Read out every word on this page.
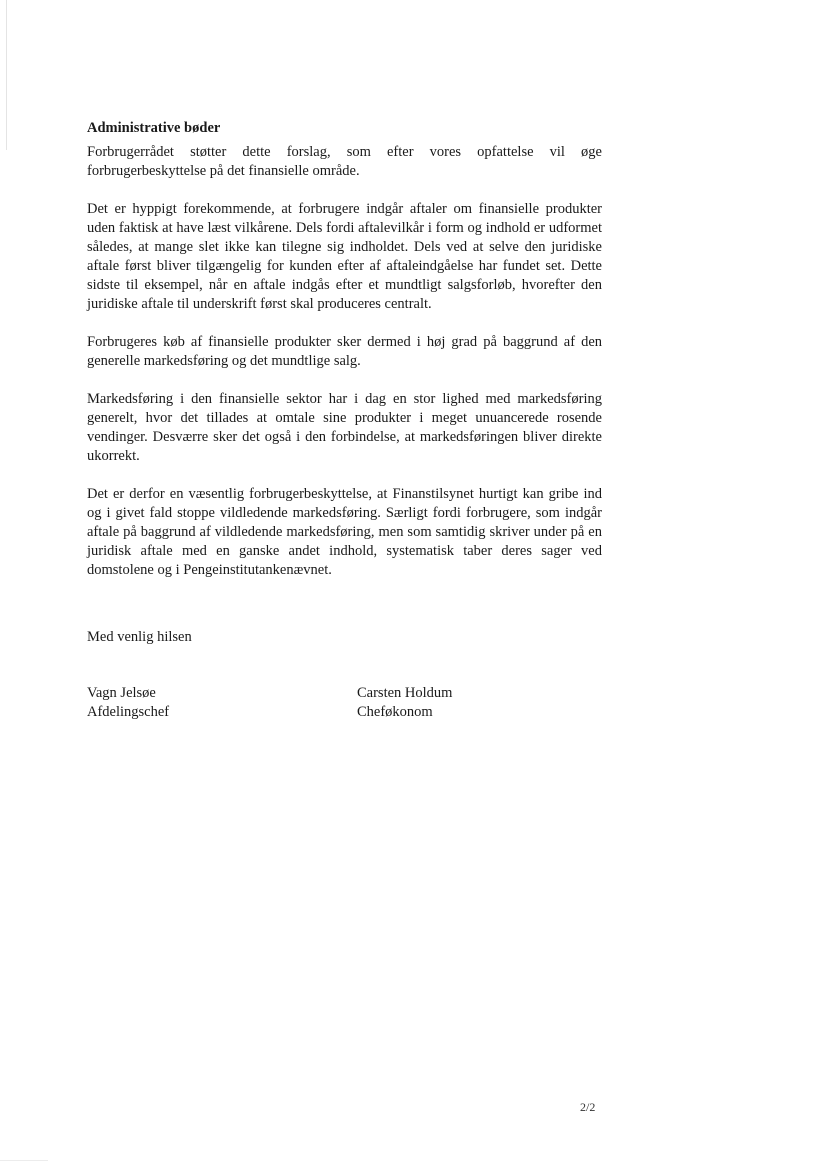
Administrative bøder

Forbrugerrådet støtter dette forslag, som efter vores opfattelse vil øge forbrugerbeskyttelse på det finansielle område.

Det er hyppigt forekommende, at forbrugere indgår aftaler om finansielle produkter uden faktisk at have læst vilkårene. Dels fordi aftalevilkår i form og indhold er udformet således, at mange slet ikke kan tilegne sig indholdet. Dels ved at selve den juridiske aftale først bliver tilgængelig for kunden efter af aftaleindgåelse har fundet set. Dette sidste til eksempel, når en aftale indgås efter et mundtligt salgsforløb, hvorefter den juridiske aftale til underskrift først skal produceres centralt.

Forbrugeres køb af finansielle produkter sker dermed i høj grad på baggrund af den generelle markedsføring og det mundtlige salg.

Markedsføring i den finansielle sektor har i dag en stor lighed med markedsføring generelt, hvor det tillades at omtale sine produkter i meget unuancerede rosende vendinger. Desværre sker det også i den forbindelse, at markedsføringen bliver direkte ukorrekt.

Det er derfor en væsentlig forbrugerbeskyttelse, at Finanstilsynet hurtigt kan gribe ind og i givet fald stoppe vildledende markedsføring. Særligt fordi forbrugere, som indgår aftale på baggrund af vildledende markedsføring, men som samtidig skriver under på en juridisk aftale med en ganske andet indhold, systematisk taber deres sager ved domstolene og i Pengeinstitutankenævnet.

Med venlig hilsen
Vagn Jelsøe
Afdelingschef
Carsten Holdum
Cheføkonom
2/2
